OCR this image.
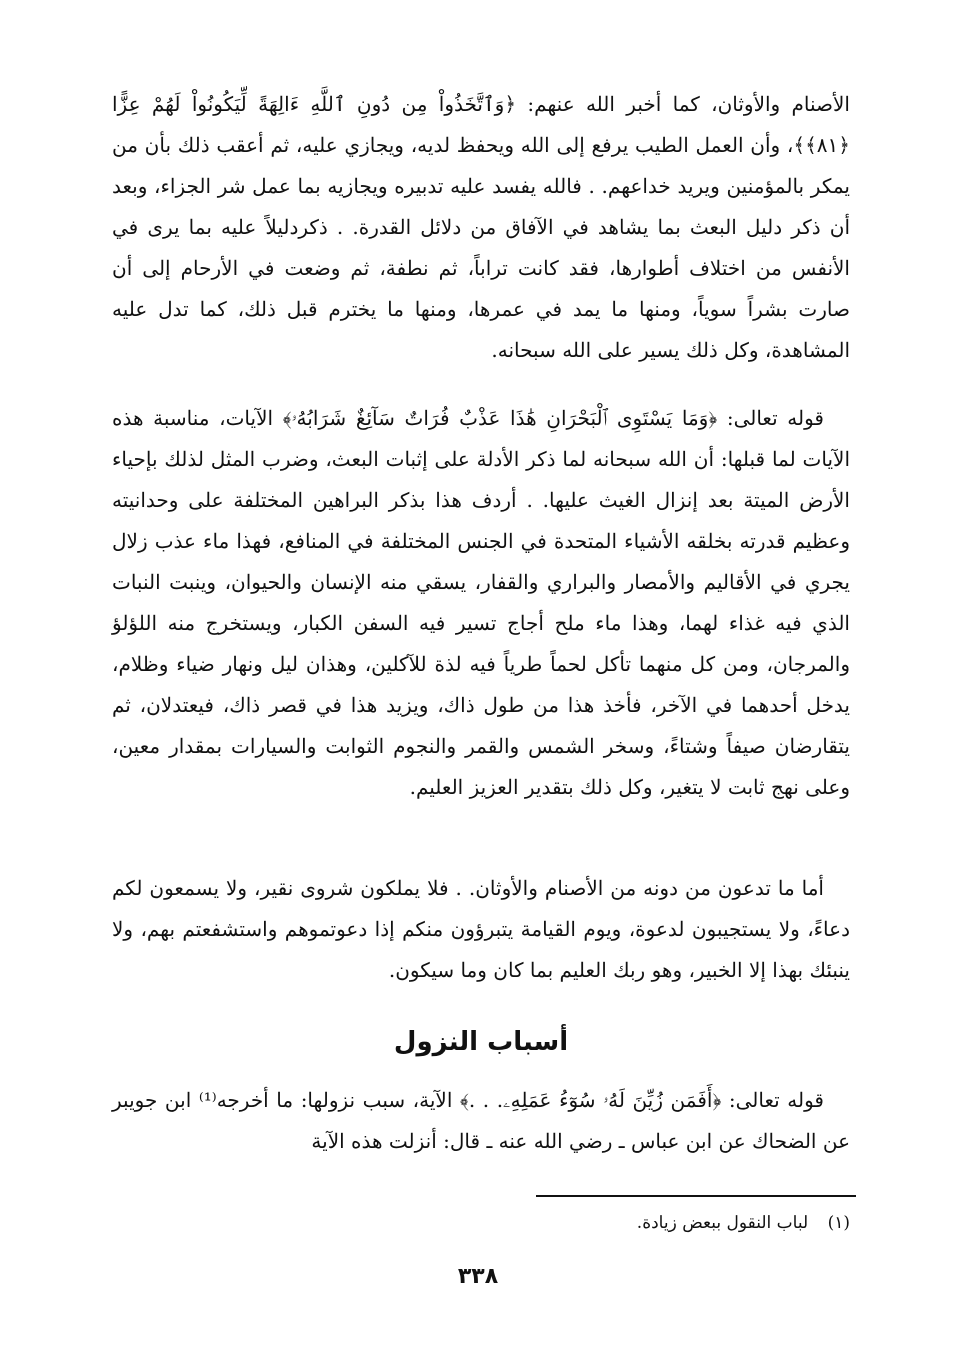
الأصنام والأوثان، كما أخبر الله عنهم: ﴿وَٱتَّخَذُواْ مِن دُونِ ٱللَّهِ ءَالِهَةً لِّيَكُونُواْ لَهُمْ عِزًّا ﴿٨١﴾﴾، وأن العمل الطيب يرفع إلى الله ويحفظ لديه، ويجازي عليه، ثم أعقب ذلك بأن من يمكر بالمؤمنين ويريد خداعهم. . فالله يفسد عليه تدبيره ويجازيه بما عمل شر الجزاء، وبعد أن ذكر دليل البعث بما يشاهد في الآفاق من دلائل القدرة. . ذكردليلاً عليه بما يرى في الأنفس من اختلاف أطوارها، فقد كانت تراباً، ثم نطفة، ثم وضعت في الأرحام إلى أن صارت بشراً سوياً، ومنها ما يمد في عمرها، ومنها ما يخترم قبل ذلك، كما تدل عليه المشاهدة، وكل ذلك يسير على الله سبحانه.

قوله تعالى: ﴿وَمَا يَسْتَوِى ٱلْبَحْرَانِ هَٰذَا عَذْبٌ فُرَاتٌ سَآئِغٌ شَرَابُهُۥ﴾ الآيات، مناسبة هذه الآيات لما قبلها: أن الله سبحانه لما ذكر الأدلة على إثبات البعث، وضرب المثل لذلك بإحياء الأرض الميتة بعد إنزال الغيث عليها. . أردف هذا بذكر البراهين المختلفة على وحدانيته وعظيم قدرته بخلقه الأشياء المتحدة في الجنس المختلفة في المنافع، فهذا ماء عذب زلال يجري في الأقاليم والأمصار والبراري والقفار، يسقي منه الإنسان والحيوان، وينبت النبات الذي فيه غذاء لهما، وهذا ماء ملح أجاج تسير فيه السفن الكبار، ويستخرج منه اللؤلؤ والمرجان، ومن كل منهما تأكل لحماً طرياً فيه لذة للآكلين، وهذان ليل ونهار ضياء وظلام، يدخل أحدهما في الآخر، فأخذ هذا من طول ذاك، ويزيد هذا في قصر ذاك، فيعتدلان، ثم يتقارضان صيفاً وشتاءً، وسخر الشمس والقمر والنجوم الثوابت والسيارات بمقدار معين، وعلى نهج ثابت لا يتغير، وكل ذلك بتقدير العزيز العليم.

أما ما تدعون من دونه من الأصنام والأوثان. . فلا يملكون شروى نقير، ولا يسمعون لكم دعاءً، ولا يستجيبون لدعوة، ويوم القيامة يتبرؤون منكم إذا دعوتموهم واستشفعتم بهم، ولا ينبئك بهذا إلا الخبير، وهو ربك العليم بما كان وما سيكون.

أسباب النزول

قوله تعالى: ﴿أَفَمَن زُيِّنَ لَهُۥ سُوٓءُ عَمَلِهِۦ. . .﴾ الآية، سبب نزولها: ما أخرجه⁽¹⁾ ابن جويبر عن الضحاك عن ابن عباس ـ رضي الله عنه ـ قال: أنزلت هذه الآية

(١) لباب النقول ببعض زيادة.
٣٣٨
